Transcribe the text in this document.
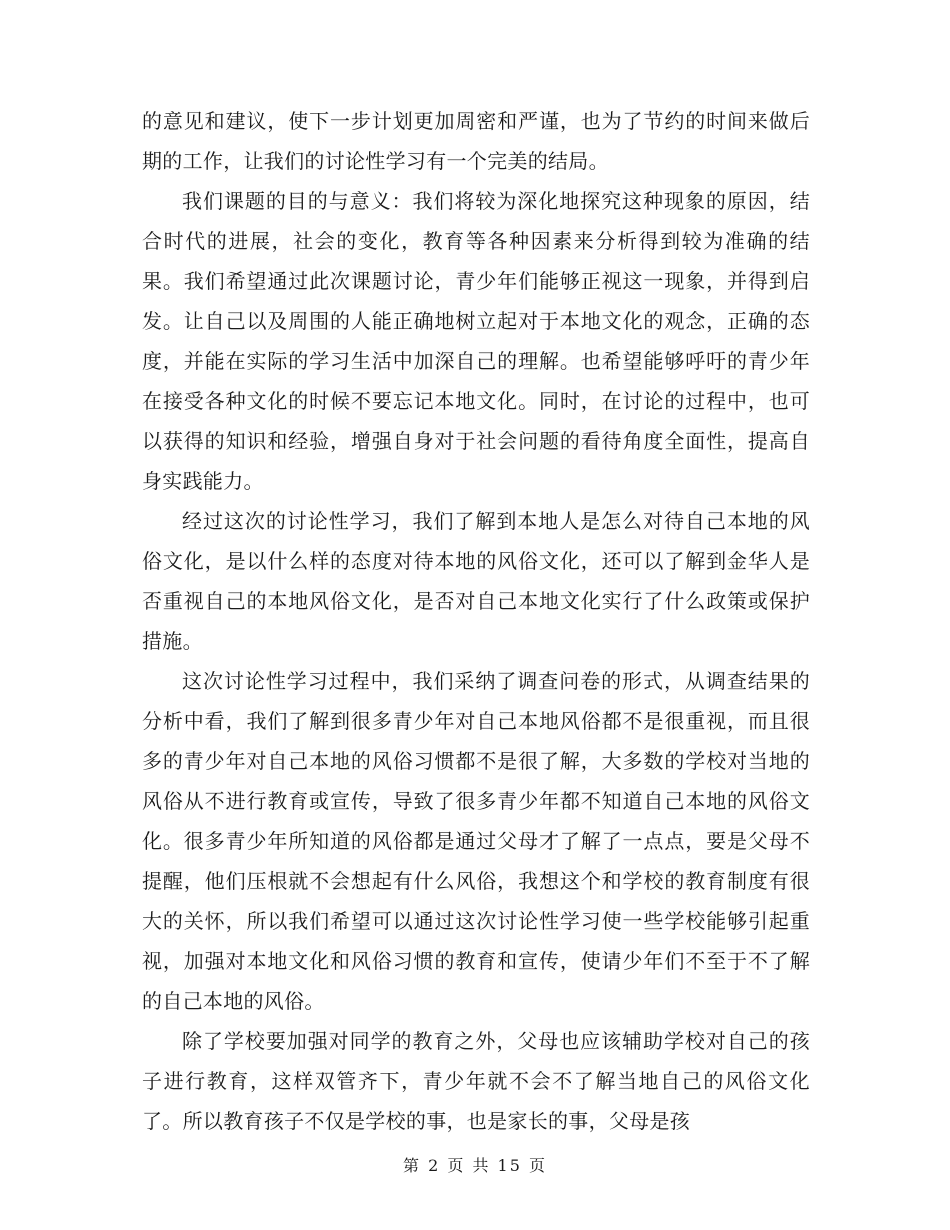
的意见和建议，使下一步计划更加周密和严谨，也为了节约的时间来做后期的工作，让我们的讨论性学习有一个完美的结局。

我们课题的目的与意义：我们将较为深化地探究这种现象的原因，结合时代的进展，社会的变化，教育等各种因素来分析得到较为准确的结果。我们希望通过此次课题讨论，青少年们能够正视这一现象，并得到启发。让自己以及周围的人能正确地树立起对于本地文化的观念，正确的态度，并能在实际的学习生活中加深自己的理解。也希望能够呼吁的青少年在接受各种文化的时候不要忘记本地文化。同时，在讨论的过程中，也可以获得的知识和经验，增强自身对于社会问题的看待角度全面性，提高自身实践能力。

经过这次的讨论性学习，我们了解到本地人是怎么对待自己本地的风俗文化，是以什么样的态度对待本地的风俗文化，还可以了解到金华人是否重视自己的本地风俗文化，是否对自己本地文化实行了什么政策或保护措施。

这次讨论性学习过程中，我们采纳了调查问卷的形式，从调查结果的分析中看，我们了解到很多青少年对自己本地风俗都不是很重视，而且很多的青少年对自己本地的风俗习惯都不是很了解，大多数的学校对当地的风俗从不进行教育或宣传，导致了很多青少年都不知道自己本地的风俗文化。很多青少年所知道的风俗都是通过父母才了解了一点点，要是父母不提醒，他们压根就不会想起有什么风俗，我想这个和学校的教育制度有很大的关怀，所以我们希望可以通过这次讨论性学习使一些学校能够引起重视，加强对本地文化和风俗习惯的教育和宣传，使请少年们不至于不了解的自己本地的风俗。

除了学校要加强对同学的教育之外，父母也应该辅助学校对自己的孩子进行教育，这样双管齐下，青少年就不会不了解当地自己的风俗文化了。所以教育孩子不仅是学校的事，也是家长的事，父母是孩

第 2 页 共 15 页
